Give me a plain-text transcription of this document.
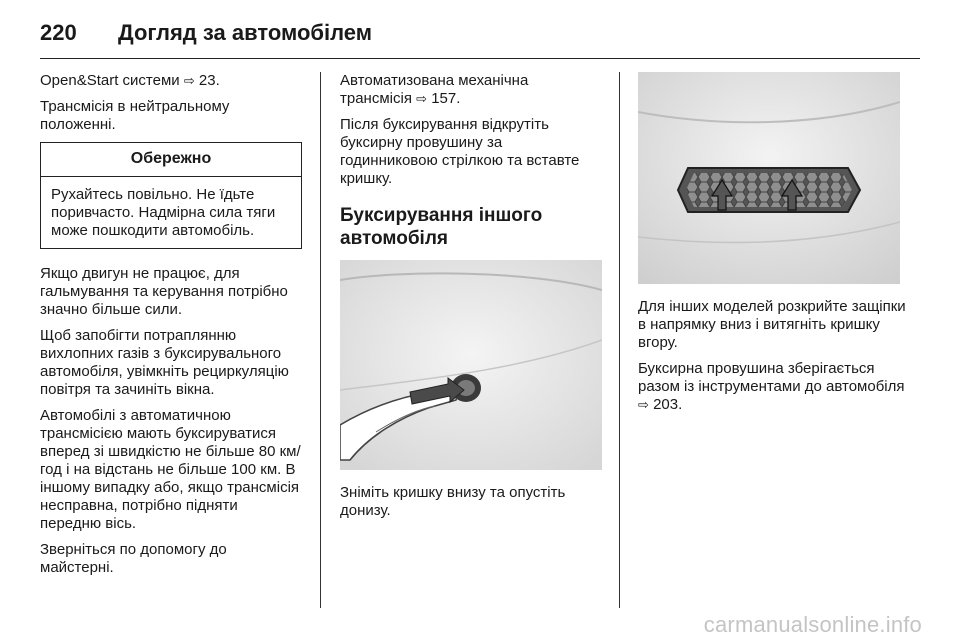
220	Догляд за автомобілем

Open&Start системи ⇨ 23.

Трансмісія в нейтральному положенні.

Обережно
Рухайтесь повільно. Не їдьте поривчасто. Надмірна сила тяги може пошкодити автомобіль.

Якщо двигун не працює, для гальмування та керування потрібно значно більше сили.

Щоб запобігти потраплянню вихлопних газів з буксирувального автомобіля, увімкніть рециркуляцію повітря та зачиніть вікна.

Автомобілі з автоматичною трансмісією мають буксируватися вперед зі швидкістю не більше 80 км/год і на відстань не більше 100 км. В іншому випадку або, якщо трансмісія несправна, потрібно підняти передню вісь.

Зверніться по допомогу до майстерні.

Автоматизована механічна трансмісія ⇨ 157.

Після буксирування відкрутіть буксирну провушину за годинниковою стрілкою та вставте кришку.

Буксирування іншого автомобіля

Зніміть кришку внизу та опустіть донизу.

Для інших моделей розкрийте защіпки в напрямку вниз і витягніть кришку вгору.

Буксирна провушина зберігається разом із інструментами до автомобіля ⇨ 203.

carmanualsonline.info
